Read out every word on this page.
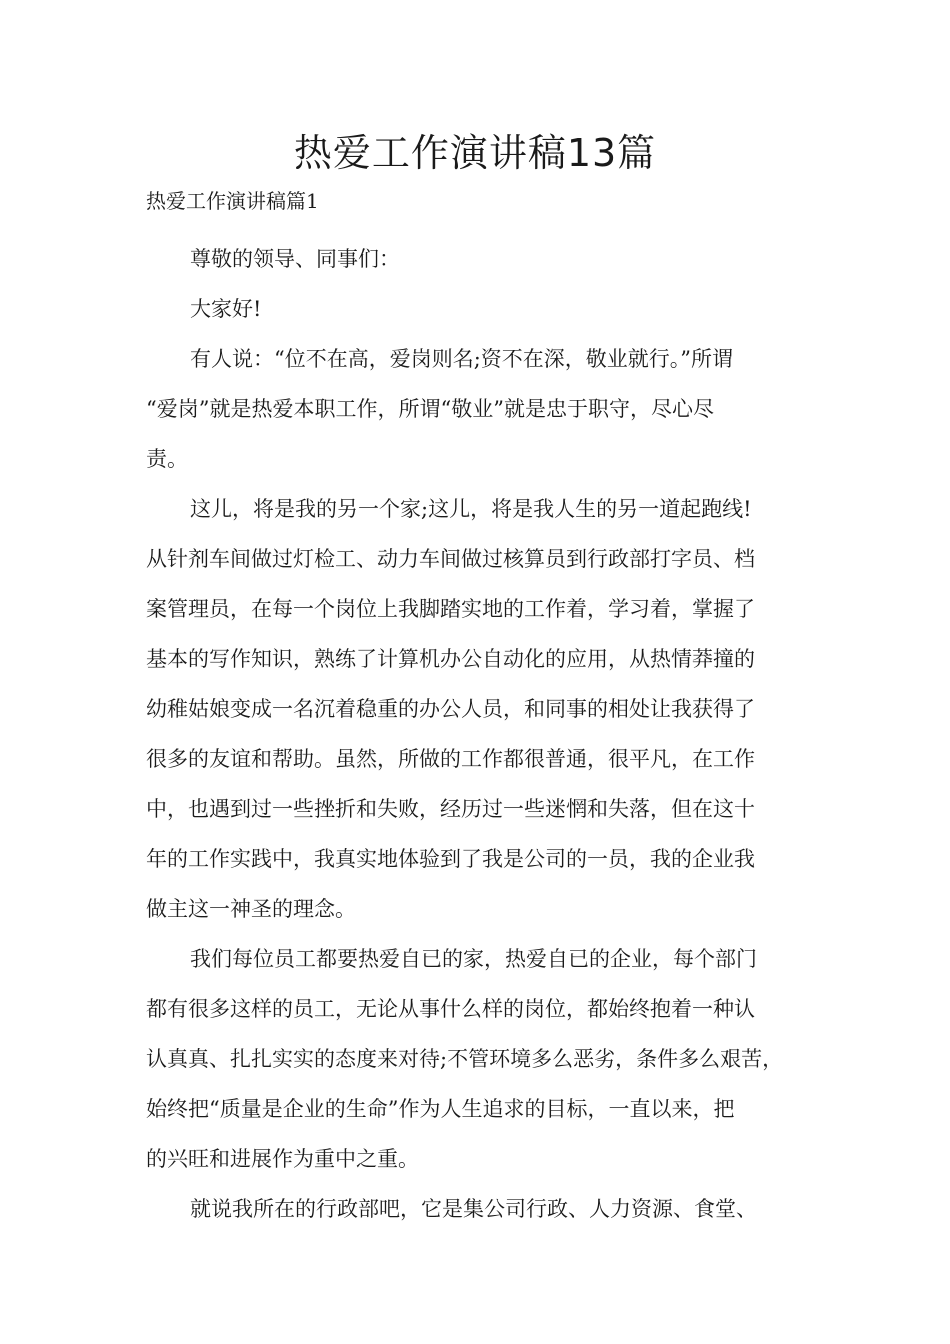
热爱工作演讲稿13篇
热爱工作演讲稿篇1
尊敬的领导、同事们：
大家好!
有人说：“位不在高，爱岗则名;资不在深，敬业就行。”所谓
“爱岗”就是热爱本职工作，所谓“敬业”就是忠于职守，尽心尽
责。
这儿，将是我的另一个家;这儿，将是我人生的另一道起跑线!
从针剂车间做过灯检工、动力车间做过核算员到行政部打字员、档
案管理员，在每一个岗位上我脚踏实地的工作着，学习着，掌握了
基本的写作知识，熟练了计算机办公自动化的应用，从热情莽撞的
幼稚姑娘变成一名沉着稳重的办公人员，和同事的相处让我获得了
很多的友谊和帮助。虽然，所做的工作都很普通，很平凡，在工作
中，也遇到过一些挫折和失败，经历过一些迷惘和失落，但在这十
年的工作实践中，我真实地体验到了我是公司的一员，我的企业我
做主这一神圣的理念。
我们每位员工都要热爱自已的家，热爱自已的企业，每个部门
都有很多这样的员工，无论从事什么样的岗位，都始终抱着一种认
认真真、扎扎实实的态度来对待;不管环境多么恶劣，条件多么艰苦，
始终把“质量是企业的生命”作为人生追求的目标，一直以来，把
的兴旺和进展作为重中之重。
就说我所在的行政部吧，它是集公司行政、人力资源、食堂、
